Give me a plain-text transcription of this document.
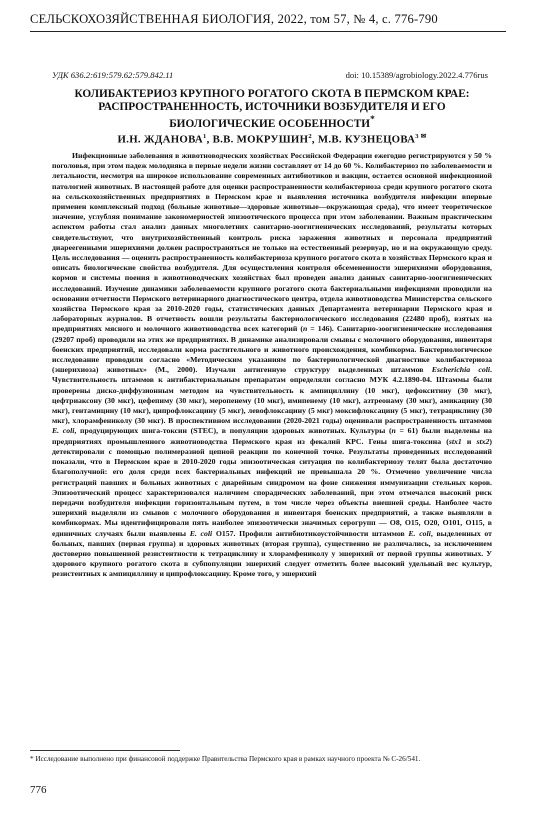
СЕЛЬСКОХОЗЯЙСТВЕННАЯ БИОЛОГИЯ, 2022, том 57, № 4, с. 776-790
УДК 636.2:619:579.62:579.842.11	doi: 10.15389/agrobiology.2022.4.776rus
КОЛИБАКТЕРИОЗ КРУПНОГО РОГАТОГО СКОТА В ПЕРМСКОМ КРАЕ: РАСПРОСТРАНЕННОСТЬ, ИСТОЧНИКИ ВОЗБУДИТЕЛЯ И ЕГО БИОЛОГИЧЕСКИЕ ОСОБЕННОСТИ*
И.Н. ЖДАНОВА$^1$, В.В. МОКРУШИН$^2$, М.В. $КУЗНЕЦОВА^{3 ✉}$
Инфекционные заболевания в животноводческих хозяйствах Российской Федерации ежегодно регистрируются у 50 % поголовья, при этом падеж молодняка в первые недели жизни составляет от 14 до 60 %. Колибактериоз по заболеваемости и летальности, несмотря на широкое использование современных антибиотиков и вакцин, остается основной инфекционной патологией животных. В настоящей работе для оценки распространенности колибактериоза среди крупного рогатого скота на сельскохозяйственных предприятиях в Пермском крае и выявления источника возбудителя инфекции впервые применен комплексный подход (больные животные—здоровые животные—окружающая среда), что имеет теоретическое значение, углубляя понимание закономерностей эпизоотического процесса при этом заболевании. Важным практическим аспектом работы стал анализ данных многолетних санитарно-зоогигиенических исследований, результаты которых свидетельствуют, что внутрихозяйственный контроль риска заражения животных и персонала предприятий диареегенными эшерихиями должен распространяться не только на естественный резервуар, но и на окружающую среду. Цель исследования — оценить распространенность колибактериоза крупного рогатого скота в хозяйствах Пермского края и описать биологические свойства возбудителя. Для осуществления контроля обсемененности эшерихиями оборудования, кормов и системы поения в животноводческих хозяйствах был проведен анализ данных санитарно-зоогигиенических исследований. Изучение динамики заболеваемости крупного рогатого скота бактериальными инфекциями проводили на основании отчетности Пермского ветеринарного диагностического центра, отдела животноводства Министерства сельского хозяйства Пермского края за 2010-2020 годы, статистических данных Департамента ветеринарии Пермского края и лабораторных журналов. В отчетность вошли результаты бактериологического исследования (22480 проб), взятых на предприятиях мясного и молочного животноводства всех категорий (n = 146). Санитарно-зоогигиенические исследования (29207 проб) проводили на этих же предприятиях. В динамике анализировали смывы с молочного оборудования, инвентаря боенских предприятий, исследовали корма растительного и животного происхождения, комбикорма. Бактериологическое исследование проводили согласно «Методическим указаниям по бактериологической диагностике колибактериоза (эшерихиоза) животных» (М., 2000). Изучали антигенную структуру выделенных штаммов Escherichia coli. Чувствительность штаммов к антибактериальным препаратам определяли согласно МУК 4.2.1890-04. Штаммы были проверены диско-диффузионным методом на чувствительность к ампициллину (10 мкг), цефокситину (30 мкг), цефтриаксону (30 мкг), цефепиму (30 мкг), меропенему (10 мкг), имипенему (10 мкг), азтреонаму (30 мкг), амикацину (30 мкг), гентамицину (10 мкг), ципрофлоксацину (5 мкг), левофлоксацину (5 мкг) моксифлоксацину (5 мкг), тетрациклину (30 мкг), хлорамфениколу (30 мкг). В проспективном исследовании (2020-2021 годы) оценивали распространенность штаммов E. coli, продуцирующих шига-токсин (STEC), в популяции здоровых животных. Культуры (n = 61) были выделены на предприятиях промышленного животноводства Пермского края из фекалий КРС. Гены шига-токсина (stx1 и stx2) детектировали с помощью полимеразной цепной реакции по конечной точке. Результаты проведенных исследований показали, что в Пермском крае в 2010-2020 годы эпизоотическая ситуация по колибактериозу телят была достаточно благополучной: его доля среди всех бактериальных инфекций не превышала 20 %. Отмечено увеличение числа регистраций павших и больных животных с диарейным синдромом на фоне снижения иммунизации стельных коров. Эпизоотический процесс характеризовался наличием спорадических заболеваний, при этом отмечался высокий риск передачи возбудителя инфекции горизонтальным путем, в том числе через объекты внешней среды. Наиболее часто эшерихий выделяли из смывов с молочного оборудования и инвентаря боенских предприятий, а также выявляли в комбикормах. Мы идентифицировали пять наиболее эпизоотически значимых серогрупп — O8, O15, O20, O101, O115, в единичных случаях были выявлены E. coli O157. Профили антибиотикоустойчивости штаммов E. coli, выделенных от больных, павших (первая группа) и здоровых животных (вторая группа), существенно не различались, за исключением достоверно повышенной резистентности к тетрациклину и хлорамфениколу у эшерихий от первой группы животных. У здорового крупного рогатого скота в субпопуляции эшерихий следует отметить более высокий удельный вес культур, резистентных к ампициллину и ципрофлоксацину. Кроме того, у эшерихий
* Исследование выполнено при финансовой поддержке Правительства Пермского края в рамках научного проекта № С-26/541.
776
